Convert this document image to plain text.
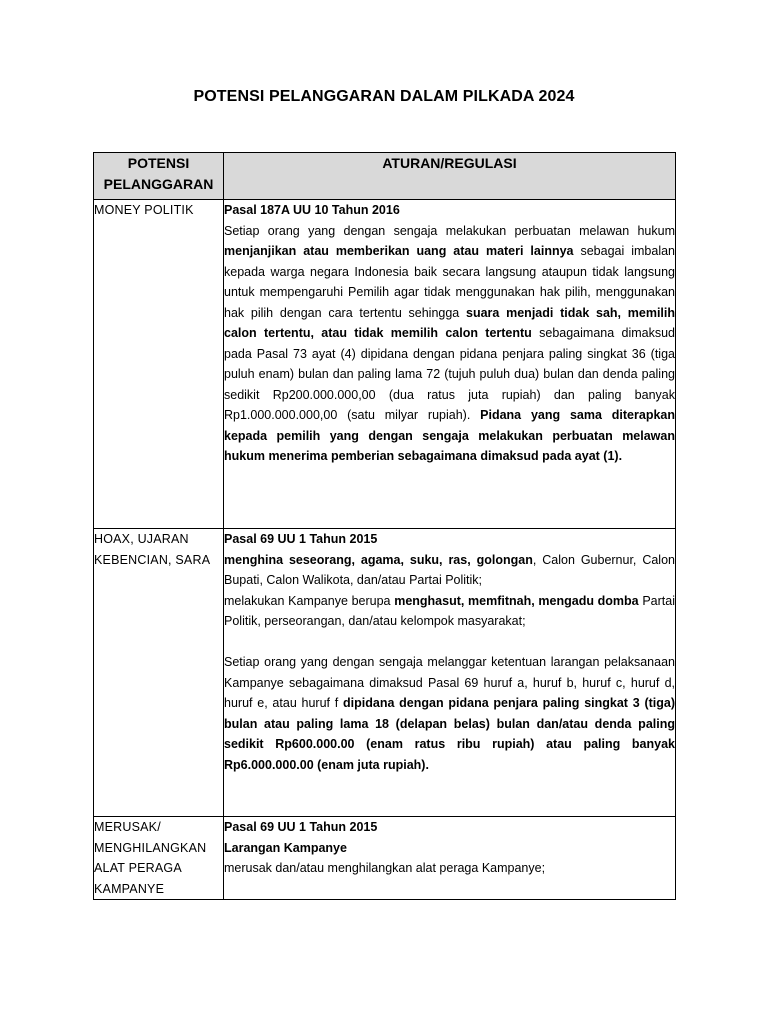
POTENSI PELANGGARAN DALAM PILKADA 2024
POTENSI
PELANGGARAN	ATURAN/REGULASI
MONEY POLITIK	Pasal 187A UU 10 Tahun 2016

Setiap orang yang dengan sengaja melakukan perbuatan melawan hukum menjanjikan atau memberikan uang atau materi lainnya sebagai imbalan kepada warga negara Indonesia baik secara langsung ataupun tidak langsung untuk mempengaruhi Pemilih agar tidak menggunakan hak pilih, menggunakan hak pilih dengan cara tertentu sehingga suara menjadi tidak sah, memilih calon tertentu, atau tidak memilih calon tertentu sebagaimana dimaksud pada Pasal 73 ayat (4) dipidana dengan pidana penjara paling singkat 36 (tiga puluh enam) bulan dan paling lama 72 (tujuh puluh dua) bulan dan denda paling sedikit Rp200.000.000,00 (dua ratus juta rupiah) dan paling banyak Rp1.000.000.000,00 (satu milyar rupiah). Pidana yang sama diterapkan kepada pemilih yang dengan sengaja melakukan perbuatan melawan hukum menerima pemberian sebagaimana dimaksud pada ayat (1).

HOAX, UJARAN KEBENCIAN, SARA	Pasal 69 UU 1 Tahun 2015

menghina seseorang, agama, suku, ras, golongan, Calon Gubernur, Calon Bupati, Calon Walikota, dan/atau Partai Politik;

melakukan Kampanye berupa menghasut, memfitnah, mengadu domba Partai Politik, perseorangan, dan/atau kelompok masyarakat;

Setiap orang yang dengan sengaja melanggar ketentuan larangan pelaksanaan Kampanye sebagaimana dimaksud Pasal 69 huruf a, huruf b, huruf c, huruf d, huruf e, atau huruf f dipidana dengan pidana penjara paling singkat 3 (tiga) bulan atau paling lama 18 (delapan belas) bulan dan/atau denda paling sedikit Rp600.000.00 (enam ratus ribu rupiah) atau paling banyak Rp6.000.000.00 (enam juta rupiah).

MERUSAK/ MENGHILANGKAN ALAT PERAGA KAMPANYE	Pasal 69 UU 1 Tahun 2015

Larangan Kampanye

merusak dan/atau menghilangkan alat peraga Kampanye;
